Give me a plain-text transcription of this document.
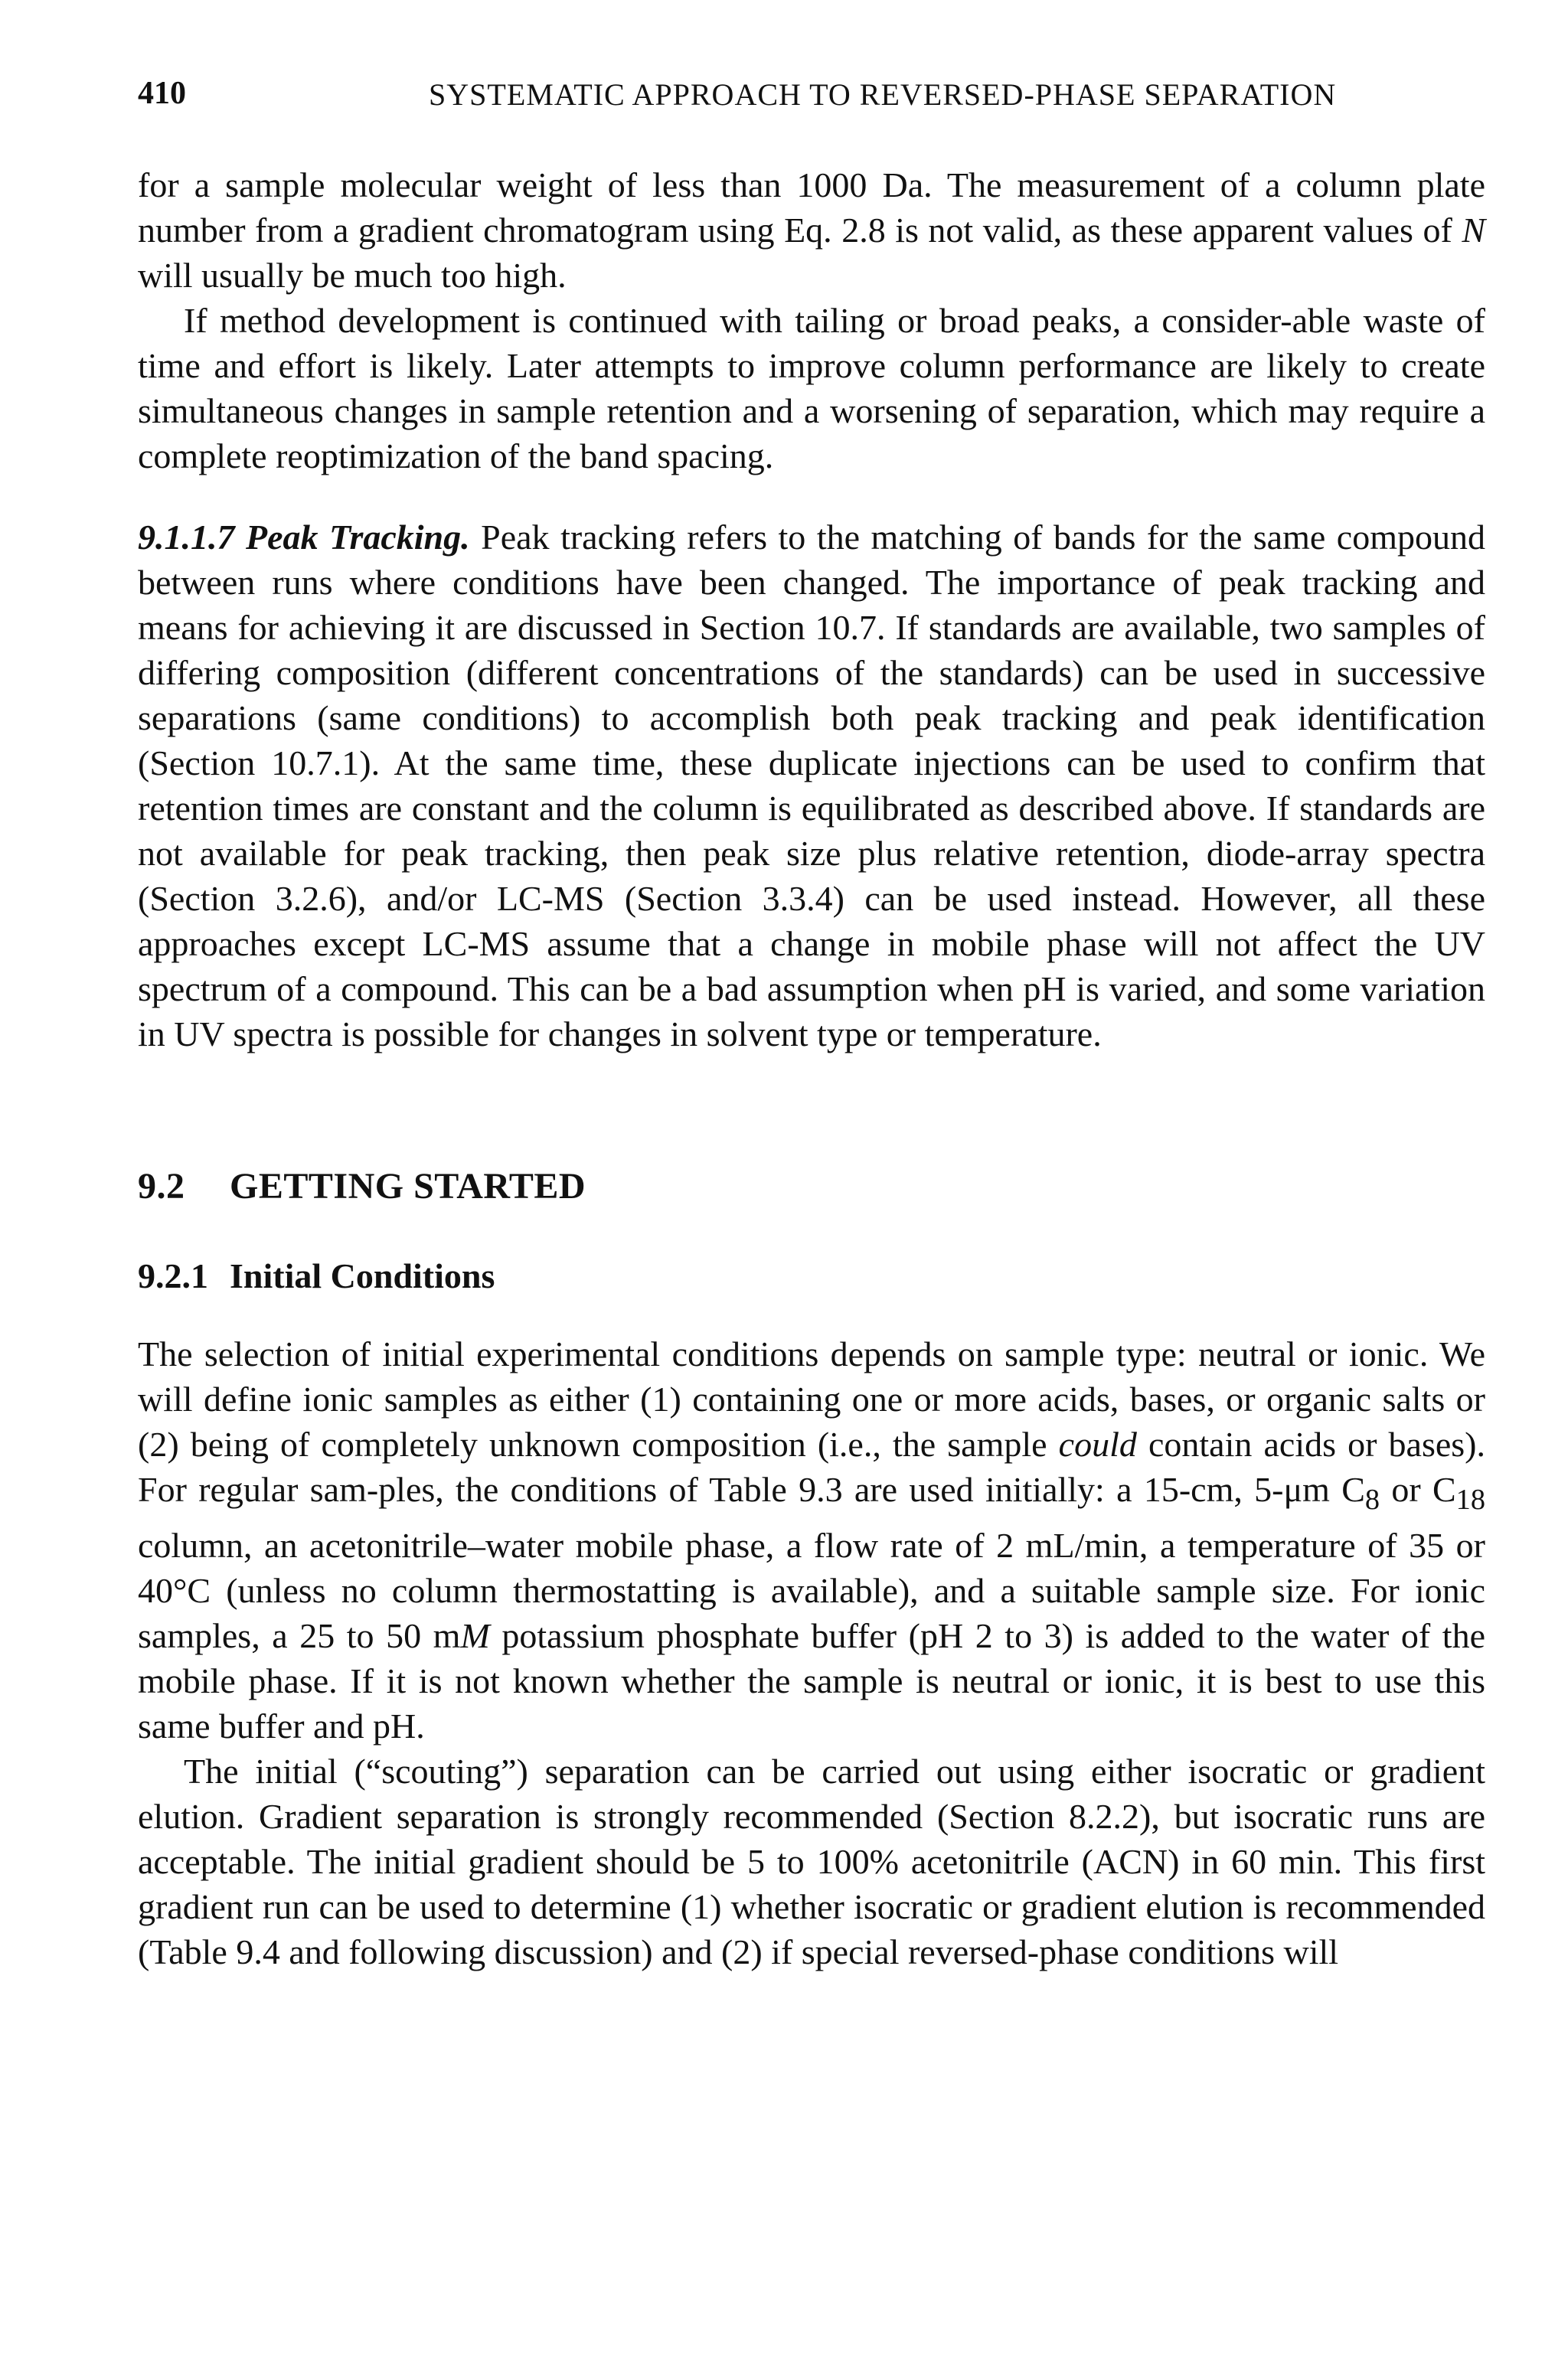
410	SYSTEMATIC APPROACH TO REVERSED-PHASE SEPARATION

for a sample molecular weight of less than 1000 Da. The measurement of a column plate number from a gradient chromatogram using Eq. 2.8 is not valid, as these apparent values of N will usually be much too high.

If method development is continued with tailing or broad peaks, a consider-able waste of time and effort is likely. Later attempts to improve column performance are likely to create simultaneous changes in sample retention and a worsening of separation, which may require a complete reoptimization of the band spacing.

9.1.1.7 Peak Tracking. Peak tracking refers to the matching of bands for the same compound between runs where conditions have been changed. The importance of peak tracking and means for achieving it are discussed in Section 10.7. If standards are available, two samples of differing composition (different concentrations of the standards) can be used in successive separations (same conditions) to accomplish both peak tracking and peak identification (Section 10.7.1). At the same time, these duplicate injections can be used to confirm that retention times are constant and the column is equilibrated as described above. If standards are not available for peak tracking, then peak size plus relative retention, diode-array spectra (Section 3.2.6), and/or LC-MS (Section 3.3.4) can be used instead. However, all these approaches except LC-MS assume that a change in mobile phase will not affect the UV spectrum of a compound. This can be a bad assumption when pH is varied, and some variation in UV spectra is possible for changes in solvent type or temperature.

9.2 GETTING STARTED
9.2.1 Initial Conditions

The selection of initial experimental conditions depends on sample type: neutral or ionic. We will define ionic samples as either (1) containing one or more acids, bases, or organic salts or (2) being of completely unknown composition (i.e., the sample could contain acids or bases). For regular sam-ples, the conditions of Table 9.3 are used initially: a 15-cm, 5-μm $C_8$ or $C_{18}$ column, an acetonitrile–water mobile phase, a flow rate of 2 mL/min, a temperature of 35 or 40°C (unless no column thermostatting is available), and a suitable sample size. For ionic samples, a 25 to 50 mM potassium phosphate buffer (pH 2 to 3) is added to the water of the mobile phase. If it is not known whether the sample is neutral or ionic, it is best to use this same buffer and pH.

The initial (“scouting”) separation can be carried out using either isocratic or gradient elution. Gradient separation is strongly recommended (Section 8.2.2), but isocratic runs are acceptable. The initial gradient should be 5 to 100% acetonitrile (ACN) in 60 min. This first gradient run can be used to determine (1) whether isocratic or gradient elution is recommended (Table 9.4 and following discussion) and (2) if special reversed-phase conditions will
